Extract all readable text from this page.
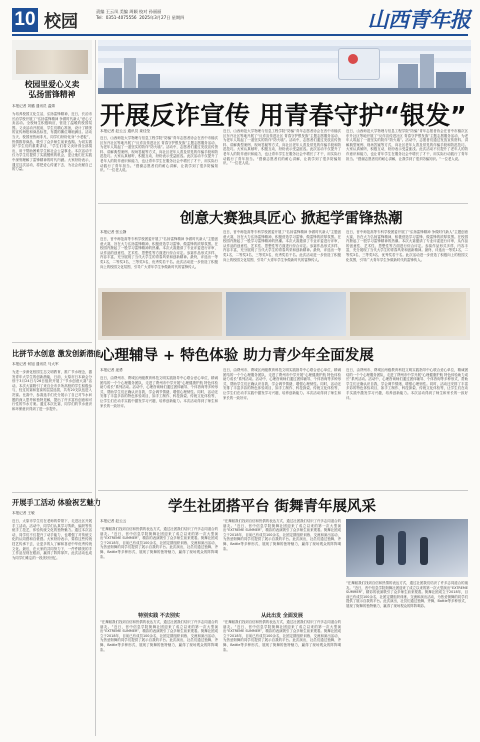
10 校园
责编 王云凤 美编 周颖 校对 孙丽丽
Tel：0351-4075556 2025年3月27日 星期四	山西青年报
开展反诈宣传 用青春守护“银发”
本报记者 赵云云 通讯员 姜佳莹
近日，山西师范大学物理与信息工程学院“防骗”青年志愿者协会在晋中市榆次区东升社区等地开展了“反诈宣传进社区 青春守护银发族”主题志愿服务活动，为老年人筑起了一道坚实的防诈“防火墙”。活动中，志愿者们通过发放宣传资料、讲解典型案例、现场答疑等方式，向社区老年人普及常见的诈骗手段和防范技巧。大家认真倾听，积极互动，纷纷表示受益匪浅。此次活动不仅提升了老年人的防诈意识和能力，也让青年学生在服务社会中增长了才干，用实际行动践行了青年担当。“感谢志愿者们的耐心讲解，让我学到了很多防骗知识。”一位老人说。
近日，山西师范大学物理与信息工程学院“防骗”青年志愿者协会在晋中市榆次区东升社区等地开展了“反诈宣传进社区 青春守护银发族”主题志愿服务活动，为老年人筑起了一道坚实的防诈“防火墙”。活动中，志愿者们通过发放宣传资料、讲解典型案例、现场答疑等方式，向社区老年人普及常见的诈骗手段和防范技巧。大家认真倾听，积极互动，纷纷表示受益匪浅。此次活动不仅提升了老年人的防诈意识和能力，也让青年学生在服务社会中增长了才干，用实际行动践行了青年担当。“感谢志愿者们的耐心讲解，让我学到了很多防骗知识。”一位老人说。
近日，山西师范大学物理与信息工程学院“防骗”青年志愿者协会在晋中市榆次区东升社区等地开展了“反诈宣传进社区 青春守护银发族”主题志愿服务活动，为老年人筑起了一道坚实的防诈“防火墙”。活动中，志愿者们通过发放宣传资料、讲解典型案例、现场答疑等方式，向社区老年人普及常见的诈骗手段和防范技巧。大家认真倾听，积极互动，纷纷表示受益匪浅。此次活动不仅提升了老年人的防诈意识和能力，也让青年学生在服务社会中增长了才干，用实际行动践行了青年担当。“感谢志愿者们的耐心讲解，让我学到了很多防骗知识。”一位老人说。
创意大赛独具匠心 掀起学雷锋热潮
本报记者 张云静
近日，晋中师范高等专科学校团委开展了“弘扬雷锋精神 争做时代新人”主题创意大赛，旨在大力弘扬雷锋精神，积极营造学习雷锋、做雷锋的浓厚氛围。在校园内掀起了一股学习雷锋精神的热潮。本次大赛邀请了专业评委进行评审，从作品的创意性、艺术性、思想性等方面进行综合评定。参赛作品形式多样，内容丰富，充分展现了当代大学生的青春风采和创新精神。最终，评选出一等奖1名，二等奖3名，三等奖5名，优秀奖若干名。此次活动进一步营造了积极向上的校园文化氛围，引导广大青年学生争做新时代的雷锋传人。
近日，晋中师范高等专科学校团委开展了“弘扬雷锋精神 争做时代新人”主题创意大赛，旨在大力弘扬雷锋精神，积极营造学习雷锋、做雷锋的浓厚氛围。在校园内掀起了一股学习雷锋精神的热潮。本次大赛邀请了专业评委进行评审，从作品的创意性、艺术性、思想性等方面进行综合评定。参赛作品形式多样，内容丰富，充分展现了当代大学生的青春风采和创新精神。最终，评选出一等奖1名，二等奖3名，三等奖5名，优秀奖若干名。此次活动进一步营造了积极向上的校园文化氛围，引导广大青年学生争做新时代的雷锋传人。
近日，晋中师范高等专科学校团委开展了“弘扬雷锋精神 争做时代新人”主题创意大赛，旨在大力弘扬雷锋精神，积极营造学习雷锋、做雷锋的浓厚氛围。在校园内掀起了一股学习雷锋精神的热潮。本次大赛邀请了专业评委进行评审，从作品的创意性、艺术性、思想性等方面进行综合评定。参赛作品形式多样，内容丰富，充分展现了当代大学生的青春风采和创新精神。最终，评选出一等奖1名，二等奖3名，三等奖5名，优秀奖若干名。此次活动进一步营造了积极向上的校园文化氛围，引导广大青年学生争做新时代的雷锋传人。
校园里爱心义卖
弘扬雷锋精神
本报记者 刘璐 通讯员 温婧
为培养校园文化生活，弘扬雷锋精神，近日，长治市长治学校开展了“弘扬雷锋精神 争做时代新人”爱心义卖活动。全校师生积极响应，营造了温暖的校园氛围。义卖活动开展前，学生们精心准备，设计了精美的宣传海报和商品标签，布置的摊位琳琅满目。活动当天，校园里热闹非凡，同学们纷纷化身“小老板”，热情推荐商品，吸引了众多师生前来选购。为切实做到“学生们的重要讲话，”学生们将义卖所得全部捐出，用于帮助困难学生和社会公益事业。本次活动不仅为学生们提供了实践锻炼的机会，更让他们在实践中深刻理解了雷锋精神的时代内涵。大家纷纷表示，通过这次活动，将把爱心传递下去，为社会贡献自己的力量。
比拼节水创意 激发创新潜能
本报记者 何旭 通讯员 马大军
为进一步深化校园生态文明教育，推广节水理念，激发青年大学生的创新潜能，日前，太原市日本商会分别于3月24日与26日组织开展了“节水创意大赛”活动。本次大赛吸引了来自全市多所高校的学生积极参与，经过初赛和复赛的层层选拔，共有20支队伍进入决赛。比赛中，参赛选手们充分展示了自己对节水问题的深入思考和独特见解，提出了许多富有创意和可行性的节水方案。通过本次比赛，同学们的节水意识和环保意识得到了进一步提升。
开展手工活动 体验祝艺魅力
本报记者 王敏
近日，太原市学生们在老师的带领下，走进社区开展手工活动。活动中，同学们认真学习剪纸、编织等传统手工技艺，体验传统文化的独特魅力。通过本次活动，同学们不仅提升了动手能力，也增强了对传统文化的认同感和自豪感。大家纷纷表示，要将这些传统技艺传承下去，让更多的人了解和喜爱中华优秀传统文化。最后，在大家的共同努力下，一件件精美的手工作品呈现在眼前，赢得了阵阵掌声。此次活动也成为同学们难忘的一段美好回忆。
心理辅导 + 特色体验 助力青少年全面发展
本报记者 庞勇
近日，由朔州市、朔城区两级教育科技文明实践指导中心联合爱心单位，精诚团结的一个个心理服务团队，走进了朔州市中学开展“心理健康护航 特色体验助力成长”系列活动。活动中，心理咨询师们通过团体辅导、个体咨询等多种形式，帮助学生们正确认识自我，学会调节情绪，增强心理韧性。同时，活动还安排了丰富多彩的特色体验项目，如手工制作、科技探索、传统文化体验等，让学生们在动手实践中激发学习兴趣，培养创新能力。本次活动得到了师生和家长的一致好评。
近日，由朔州市、朔城区两级教育科技文明实践指导中心联合爱心单位，精诚团结的一个个心理服务团队，走进了朔州市中学开展“心理健康护航 特色体验助力成长”系列活动。活动中，心理咨询师们通过团体辅导、个体咨询等多种形式，帮助学生们正确认识自我，学会调节情绪，增强心理韧性。同时，活动还安排了丰富多彩的特色体验项目，如手工制作、科技探索、传统文化体验等，让学生们在动手实践中激发学习兴趣，培养创新能力。本次活动得到了师生和家长的一致好评。
近日，由朔州市、朔城区两级教育科技文明实践指导中心联合爱心单位，精诚团结的一个个心理服务团队，走进了朔州市中学开展“心理健康护航 特色体验助力成长”系列活动。活动中，心理咨询师们通过团体辅导、个体咨询等多种形式，帮助学生们正确认识自我，学会调节情绪，增强心理韧性。同时，活动还安排了丰富多彩的特色体验项目，如手工制作、科技探索、传统文化体验等，让学生们在动手实践中激发学习兴趣，培养创新能力。本次活动得到了师生和家长的一致好评。
学生社团搭平台 街舞青年展风采
本报记者 赵云云
“在舞蹈我们找到自信和热情的表达方式，通过社团我们结识了许多志同道合的朋友。”近日，晋中信息学院街舞社团迎来了成立以来的第一次大型演出“EXTREME SUMMER”，精彩的表演吸引了众多师生前来观看。街舞社团成立于2018年，目前已有成员100余名，社团定期组织训练、交流和演出活动，为热爱街舞的同学们提供了展示自我的平台。此次演出，社员们通过独舞、齐舞、Battle等多种形式，展现了街舞的独特魅力，赢得了现场观众的阵阵喝彩。
特别实践 不去别实
“在舞蹈我们找到自信和热情的表达方式，通过社团我们结识了许多志同道合的朋友。”近日，晋中信息学院街舞社团迎来了成立以来的第一次大型演出“EXTREME SUMMER”，精彩的表演吸引了众多师生前来观看。街舞社团成立于2018年，目前已有成员100余名，社团定期组织训练、交流和演出活动，为热爱街舞的同学们提供了展示自我的平台。此次演出，社员们通过独舞、齐舞、Battle等多种形式，展现了街舞的独特魅力，赢得了现场观众的阵阵喝彩。
“在舞蹈我们找到自信和热情的表达方式，通过社团我们结识了许多志同道合的朋友。”近日，晋中信息学院街舞社团迎来了成立以来的第一次大型演出“EXTREME SUMMER”，精彩的表演吸引了众多师生前来观看。街舞社团成立于2018年，目前已有成员100余名，社团定期组织训练、交流和演出活动，为热爱街舞的同学们提供了展示自我的平台。此次演出，社员们通过独舞、齐舞、Battle等多种形式，展现了街舞的独特魅力，赢得了现场观众的阵阵喝彩。
从此出发 全面发展
“在舞蹈我们找到自信和热情的表达方式，通过社团我们结识了许多志同道合的朋友。”近日，晋中信息学院街舞社团迎来了成立以来的第一次大型演出“EXTREME SUMMER”，精彩的表演吸引了众多师生前来观看。街舞社团成立于2018年，目前已有成员100余名，社团定期组织训练、交流和演出活动，为热爱街舞的同学们提供了展示自我的平台。此次演出，社员们通过独舞、齐舞、Battle等多种形式，展现了街舞的独特魅力，赢得了现场观众的阵阵喝彩。
“在舞蹈我们找到自信和热情的表达方式，通过社团我们结识了许多志同道合的朋友。”近日，晋中信息学院街舞社团迎来了成立以来的第一次大型演出“EXTREME SUMMER”，精彩的表演吸引了众多师生前来观看。街舞社团成立于2018年，目前已有成员100余名，社团定期组织训练、交流和演出活动，为热爱街舞的同学们提供了展示自我的平台。此次演出，社员们通过独舞、齐舞、Battle等多种形式，展现了街舞的独特魅力，赢得了现场观众的阵阵喝彩。
